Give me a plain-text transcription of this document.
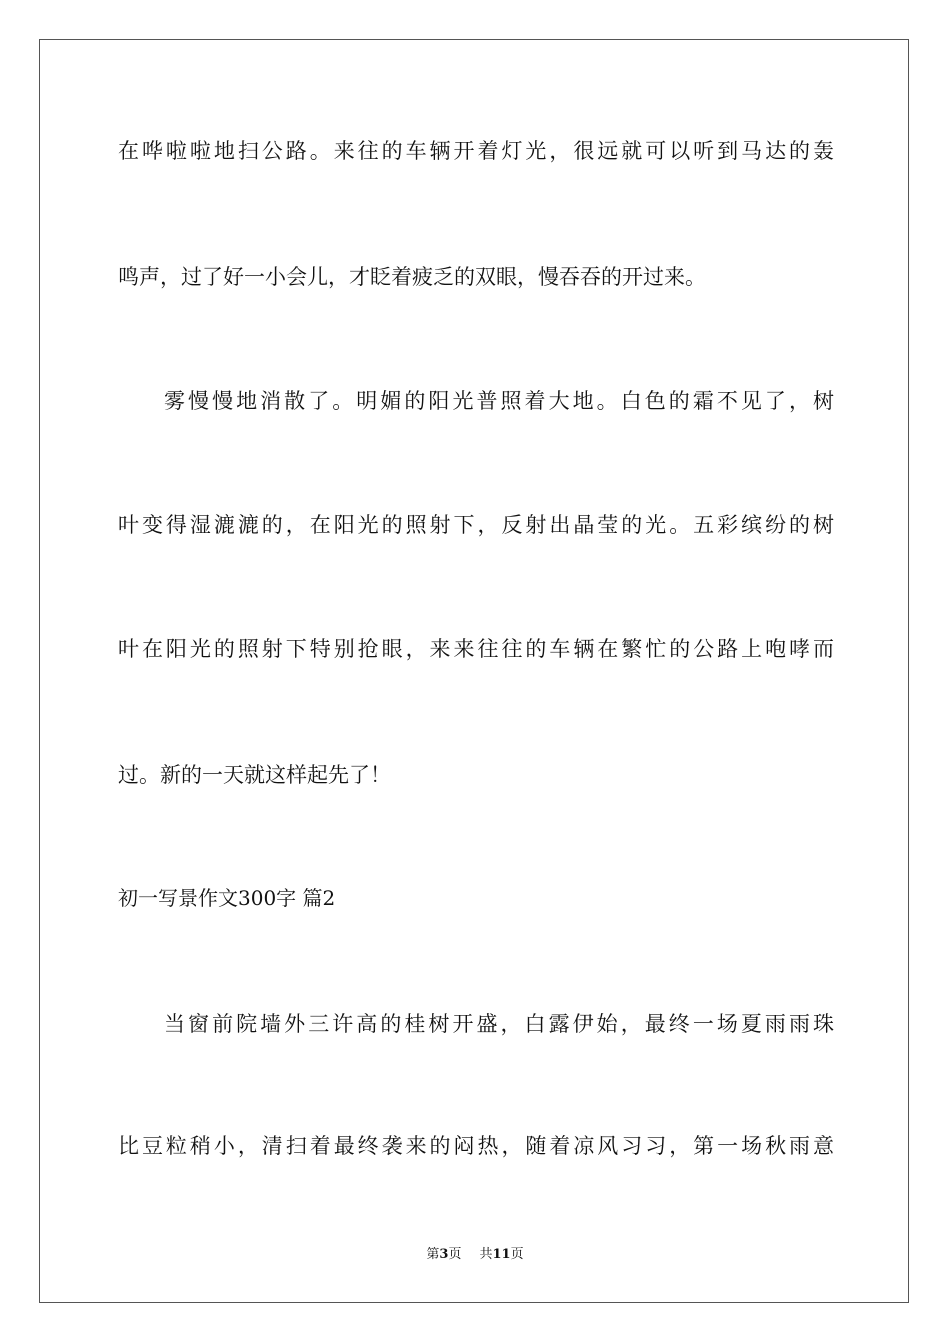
在哗啦啦地扫公路。来往的车辆开着灯光，很远就可以听到马达的轰
鸣声，过了好一小会儿，才眨着疲乏的双眼，慢吞吞的开过来。
雾慢慢地消散了。明媚的阳光普照着大地。白色的霜不见了，树
叶变得湿漉漉的，在阳光的照射下，反射出晶莹的光。五彩缤纷的树
叶在阳光的照射下特别抢眼，来来往往的车辆在繁忙的公路上咆哮而
过。新的一天就这样起先了！
初一写景作文300字 篇2
当窗前院墙外三许高的桂树开盛，白露伊始，最终一场夏雨雨珠
比豆粒稍小，清扫着最终袭来的闷热，随着凉风习习，第一场秋雨意
第3页 共11页
